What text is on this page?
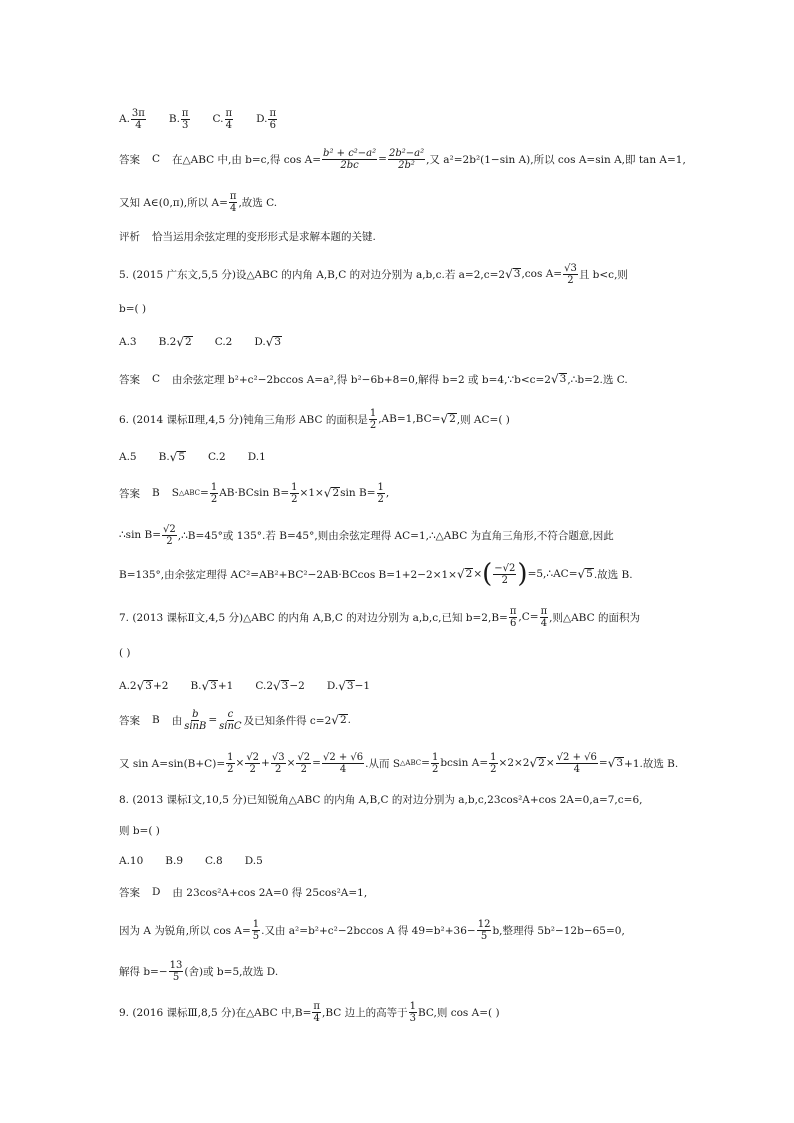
A. $\frac{3\pi}{4} B$. $\frac{\pi}{3} C$. $\frac{\pi}{4} D$. $\frac{\pi}{6}$
答案 C 在△ABC 中,由 b=c,得 $\cos A= \frac{\text{b² + c²−a²}}{2bc} = \frac{\text{2b²−a²}}{\text{2b²}}$ ,又 a²=2b²(1−sin A),所以 cos A=sin A,即 tan A=1,
又知 A∈(0,π),所以 $A= \frac{\pi}{4}$ ,故选 C.
评析 恰当运用余弦定理的变形形式是求解本题的关键.
5. (2015 广东文,5,5 分)设△ABC 的内角 A,B,C 的对边分别为 a,b,c.若 a=2,c=2 √ 3 ,cos $A= \frac{√3}{2}$ 且 b<c,则
b=( )
A.3 B.2 √ 2 C.2 D. √ 3
答案 C 由余弦定理 b²+c²−2bccos A=a²,得 b²−6b+8=0,解得 b=2 或 b=4,∵b<c=2 √ 3 ,∴b=2.选 C.
6. (2014 课标Ⅱ理,4,5 分)钝角三角形 ABC 的面积是 $\frac{1}{2} ,AB=1,BC=$ √ 2 ,则 AC=( )
A.5 B. √ 5 C.2 D.1
答案 B S △ABC = $\frac{1}{2} AB\cdot BCsin$ $B= \frac{1}{2} \times 1\times$ √ 2 $\sin B= \frac{1}{2}$ ,
∴sin $B= \frac{√2}{2}$ ,∴B=45°或 135°.若 B=45°,则由余弦定理得 AC=1,∴△ABC 为直角三角形,不符合题意,因此
B=135°,由余弦定理得 AC²=AB²+BC²−2AB·BCcos B=1+2−2×1× √ 2 × ( $\frac{-√2}{2}$ ) =5,∴AC= √ 5 .故选 B.
7. (2013 课标Ⅱ文,4,5 分)△ABC 的内角 A,B,C 的对边分别为 a,b,c,已知 $b=2,B= \frac{\pi}{6} ,C= \frac{\pi}{4}$ ,则△ABC 的面积为
( )
A.2 √ 3 +2 B. √ 3 +1 C.2 √ 3 −2 D. √ 3 −1
答案 B 由 $\frac{b}{\sin B} = \frac{c}{\sin C}$ 及已知条件得 c=2 √ 2 .
又 $\sin A=\sin(B+C)= \frac{1}{2} \times \frac{√2}{2} + \frac{√3}{2} \times \frac{√2}{2} = \frac{√2 + √6}{4}$ .从而 S △ABC = $\frac{1}{2}$ bcsin $A= \frac{1}{2} \times 2\times 2$ √ $2 \times \frac{√2 + √6}{4}$ = √ 3 +1.故选 B.
8. (2013 课标Ⅰ文,10,5 分)已知锐角△ABC 的内角 A,B,C 的对边分别为 a,b,c,23cos²A+cos 2A=0,a=7,c=6,
则 b=( )
A.10 B.9 C.8 D.5
答案 D 由 23cos²A+cos 2A=0 得 25cos²A=1,
因为 A 为锐角,所以 $\cos A= \frac{1}{5}$ .又由 a²=b²+c²−2bccos A 得 $49=b^2+36- \frac{12}{5} b$,整理得 5b²−12b−65=0,
解得 $b=- \frac{13}{5}$ (舍)或 b=5,故选 D.
9. (2016 课标Ⅲ,8,5 分)在△ABC 中$,B= \frac{\pi}{4} ,BC$ 边上的高等于 $\frac{1}{3}$ BC,则 cos A=( )
